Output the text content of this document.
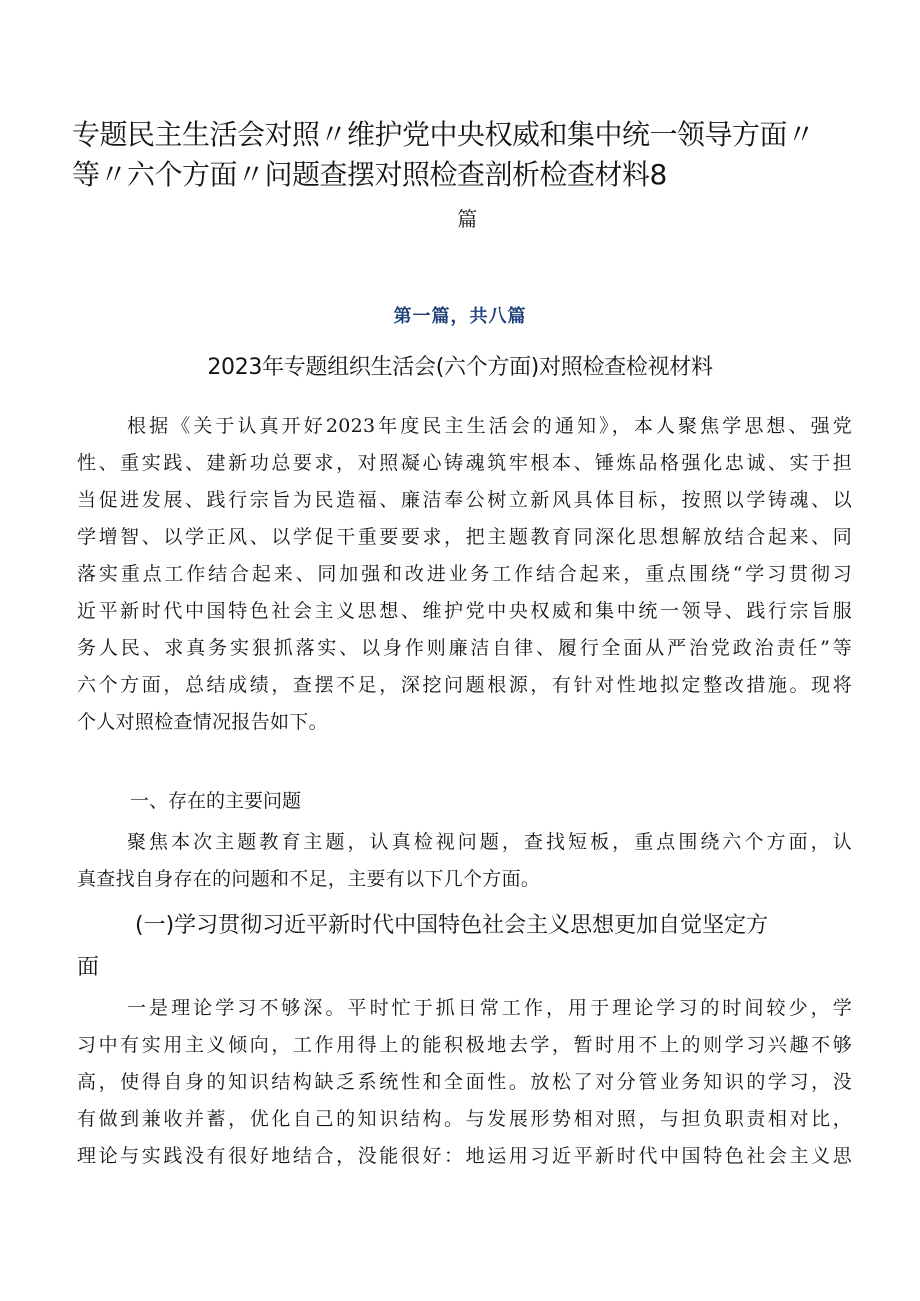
专题民主生活会对照〃维护党中央权威和集中统一领导方面〃
等〃六个方面〃问题查摆对照检查剖析检查材料8
篇
第一篇，共八篇
2023年专题组织生活会(六个方面)对照检查检视材料
根据《关于认真开好2023年度民主生活会的通知》，本人聚焦学思想、强党
性、重实践、建新功总要求，对照凝心铸魂筑牢根本、锤炼品格强化忠诚、实于担
当促进发展、践行宗旨为民造福、廉洁奉公树立新风具体目标，按照以学铸魂、以
学增智、以学正风、以学促干重要要求，把主题教育同深化思想解放结合起来、同
落实重点工作结合起来、同加强和改进业务工作结合起来，重点围绕“学习贯彻习
近平新时代中国特色社会主义思想、维护党中央权威和集中统一领导、践行宗旨服
务人民、求真务实狠抓落实、以身作则廉洁自律、履行全面从严治党政治责任”等
六个方面，总结成绩，查摆不足，深挖问题根源，有针对性地拟定整改措施。现将
个人对照检查情况报告如下。
一、存在的主要问题
聚焦本次主题教育主题，认真检视问题，查找短板，重点围绕六个方面，认
真查找自身存在的问题和不足，主要有以下几个方面。
(一)学习贯彻习近平新时代中国特色社会主义思想更加自觉坚定方
面
一是理论学习不够深。平时忙于抓日常工作，用于理论学习的时间较少，学
习中有实用主义倾向，工作用得上的能积极地去学，暂时用不上的则学习兴趣不够
高，使得自身的知识结构缺乏系统性和全面性。放松了对分管业务知识的学习，没
有做到兼收并蓄，优化自己的知识结构。与发展形势相对照，与担负职责相对比，
理论与实践没有很好地结合，没能很好：地运用习近平新时代中国特色社会主义思
